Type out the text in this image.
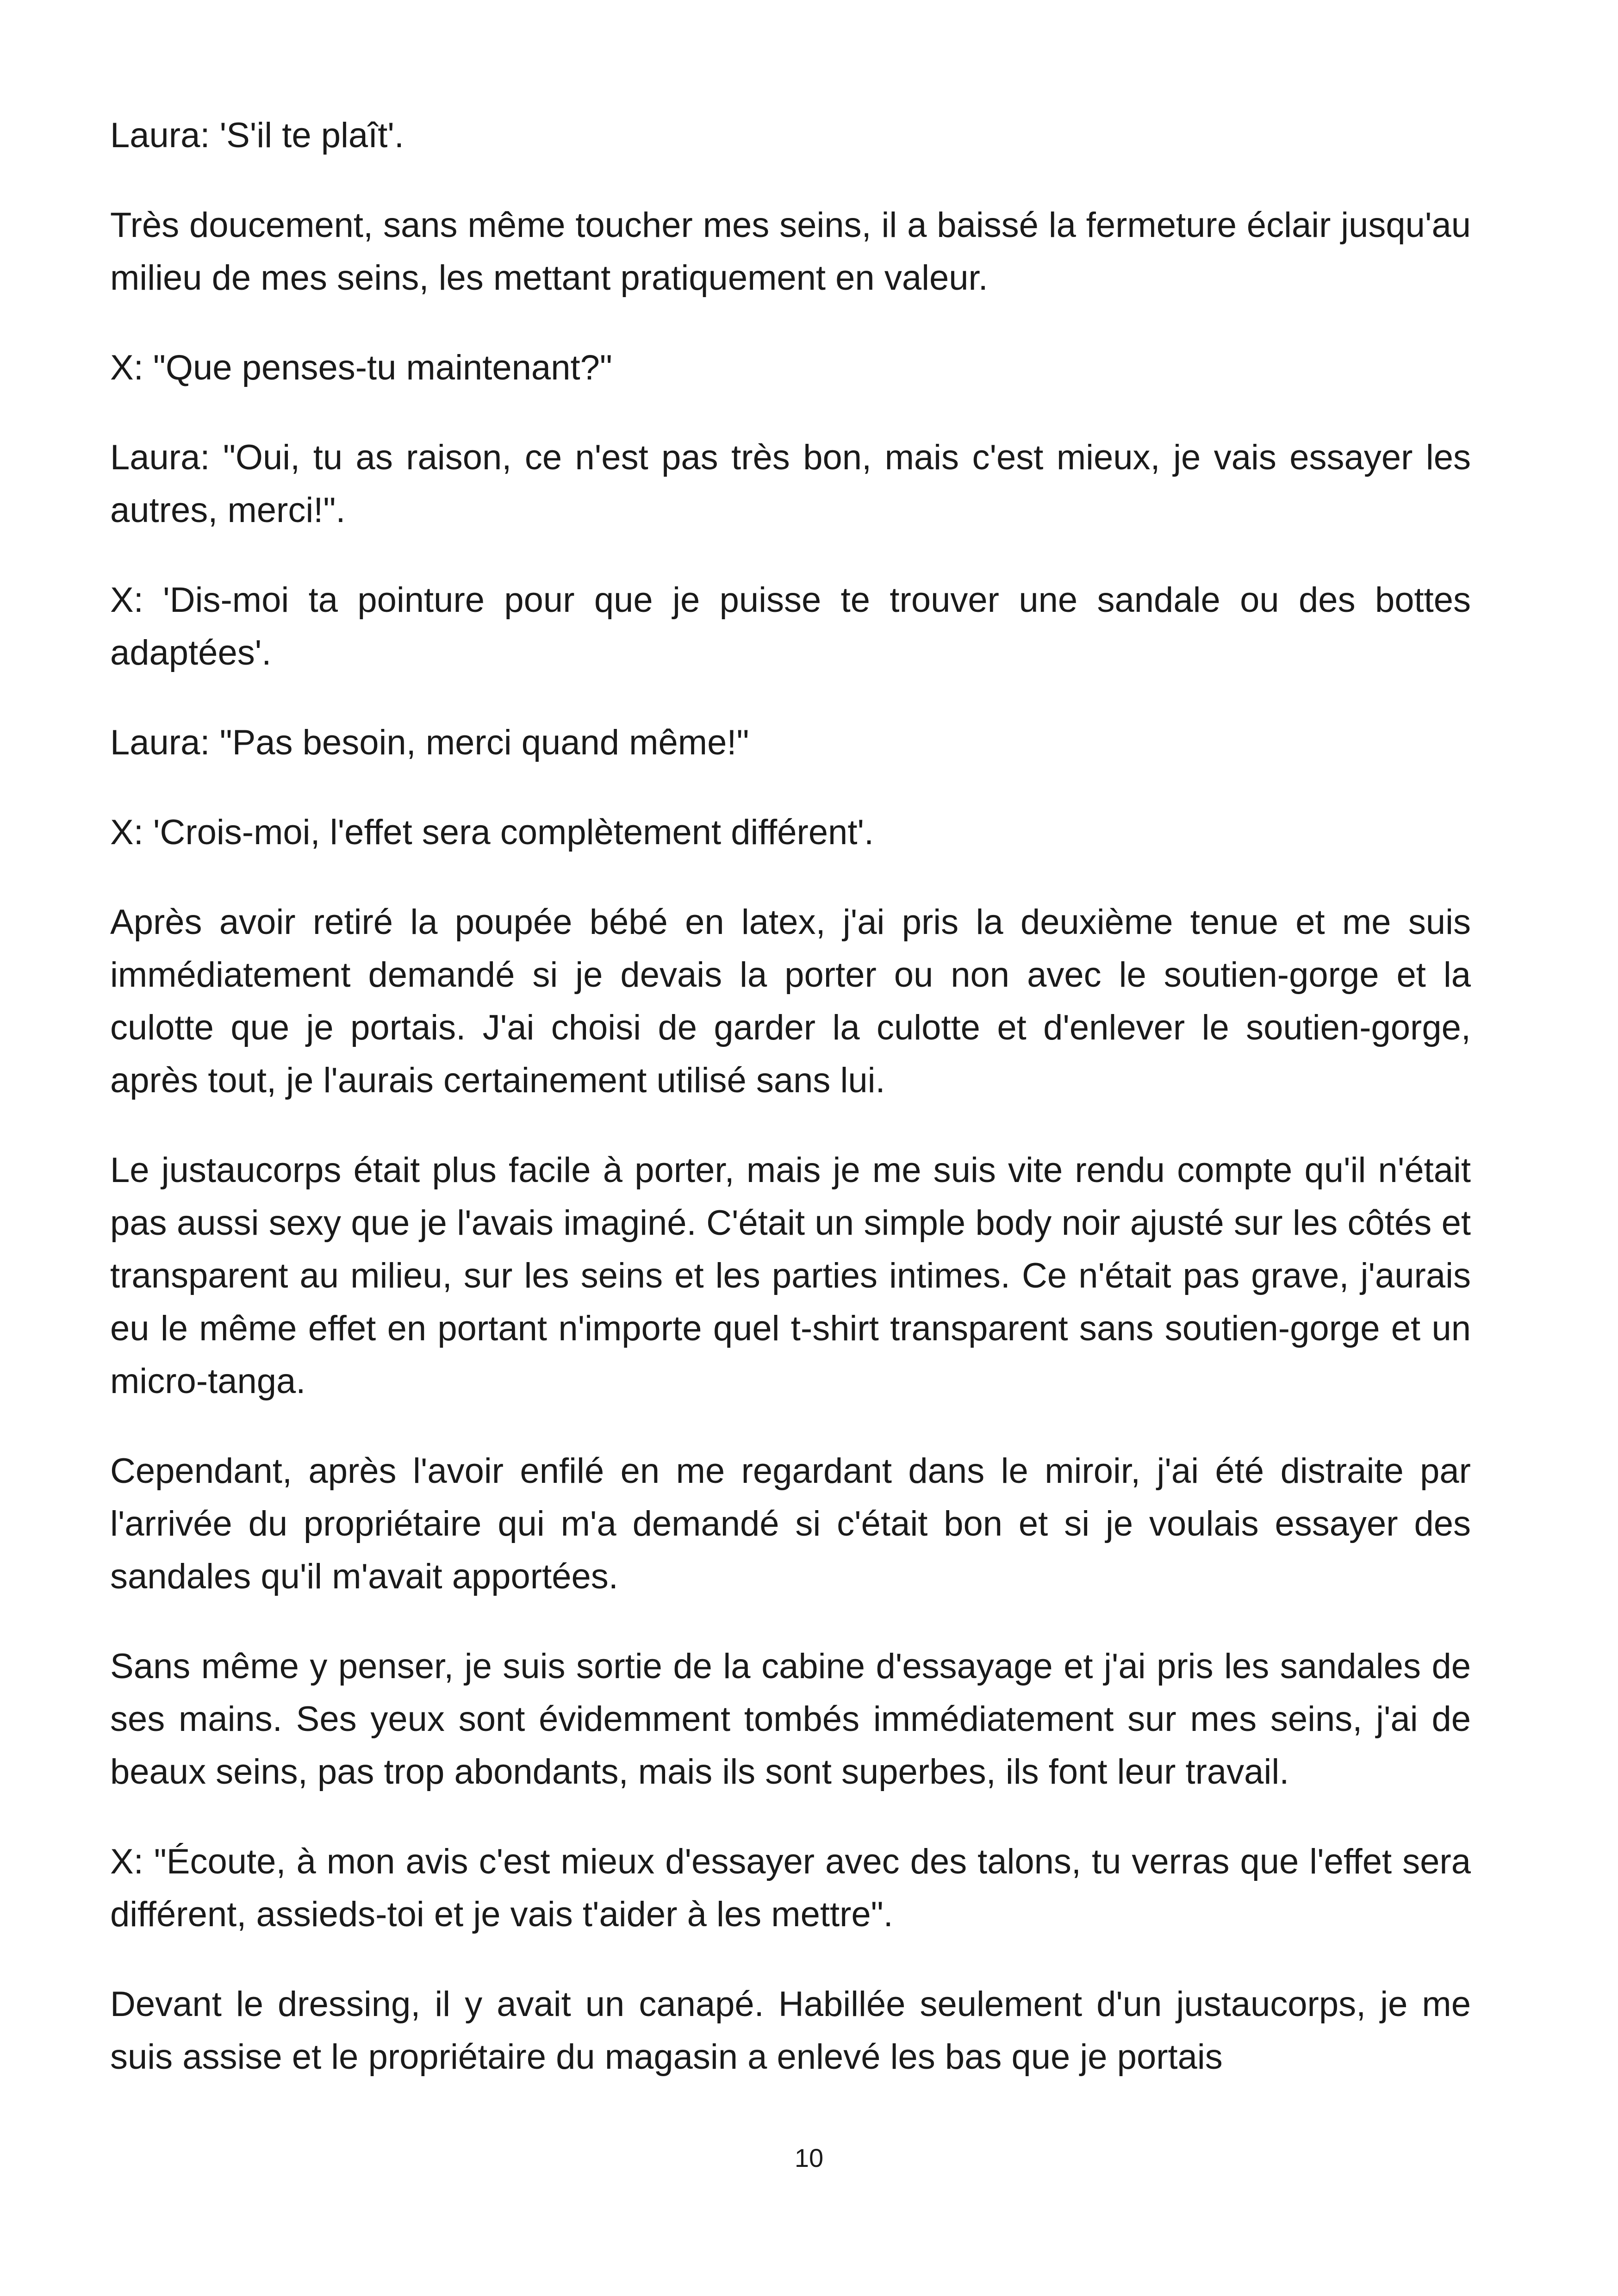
Laura: 'S'il te plaît'.

Très doucement, sans même toucher mes seins, il a baissé la fermeture éclair jusqu'au milieu de mes seins, les mettant pratiquement en valeur.

X: "Que penses-tu maintenant?"

Laura: "Oui, tu as raison, ce n'est pas très bon, mais c'est mieux, je vais essayer les autres, merci!".

X: 'Dis-moi ta pointure pour que je puisse te trouver une sandale ou des bottes adaptées'.

Laura: "Pas besoin, merci quand même!"

X: 'Crois-moi, l'effet sera complètement différent'.

Après avoir retiré la poupée bébé en latex, j'ai pris la deuxième tenue et me suis immédiatement demandé si je devais la porter ou non avec le soutien-gorge et la culotte que je portais. J'ai choisi de garder la culotte et d'enlever le soutien-gorge, après tout, je l'aurais certainement utilisé sans lui.

Le justaucorps était plus facile à porter, mais je me suis vite rendu compte qu'il n'était pas aussi sexy que je l'avais imaginé. C'était un simple body noir ajusté sur les côtés et transparent au milieu, sur les seins et les parties intimes. Ce n'était pas grave, j'aurais eu le même effet en portant n'importe quel t-shirt transparent sans soutien-gorge et un micro-tanga.

Cependant, après l'avoir enfilé en me regardant dans le miroir, j'ai été distraite par l'arrivée du propriétaire qui m'a demandé si c'était bon et si je voulais essayer des sandales qu'il m'avait apportées.

Sans même y penser, je suis sortie de la cabine d'essayage et j'ai pris les sandales de ses mains. Ses yeux sont évidemment tombés immédiatement sur mes seins, j'ai de beaux seins, pas trop abondants, mais ils sont superbes, ils font leur travail.

X: "Écoute, à mon avis c'est mieux d'essayer avec des talons, tu verras que l'effet sera différent, assieds-toi et je vais t'aider à les mettre".

Devant le dressing, il y avait un canapé. Habillée seulement d'un justaucorps, je me suis assise et le propriétaire du magasin a enlevé les bas que je portais

10
